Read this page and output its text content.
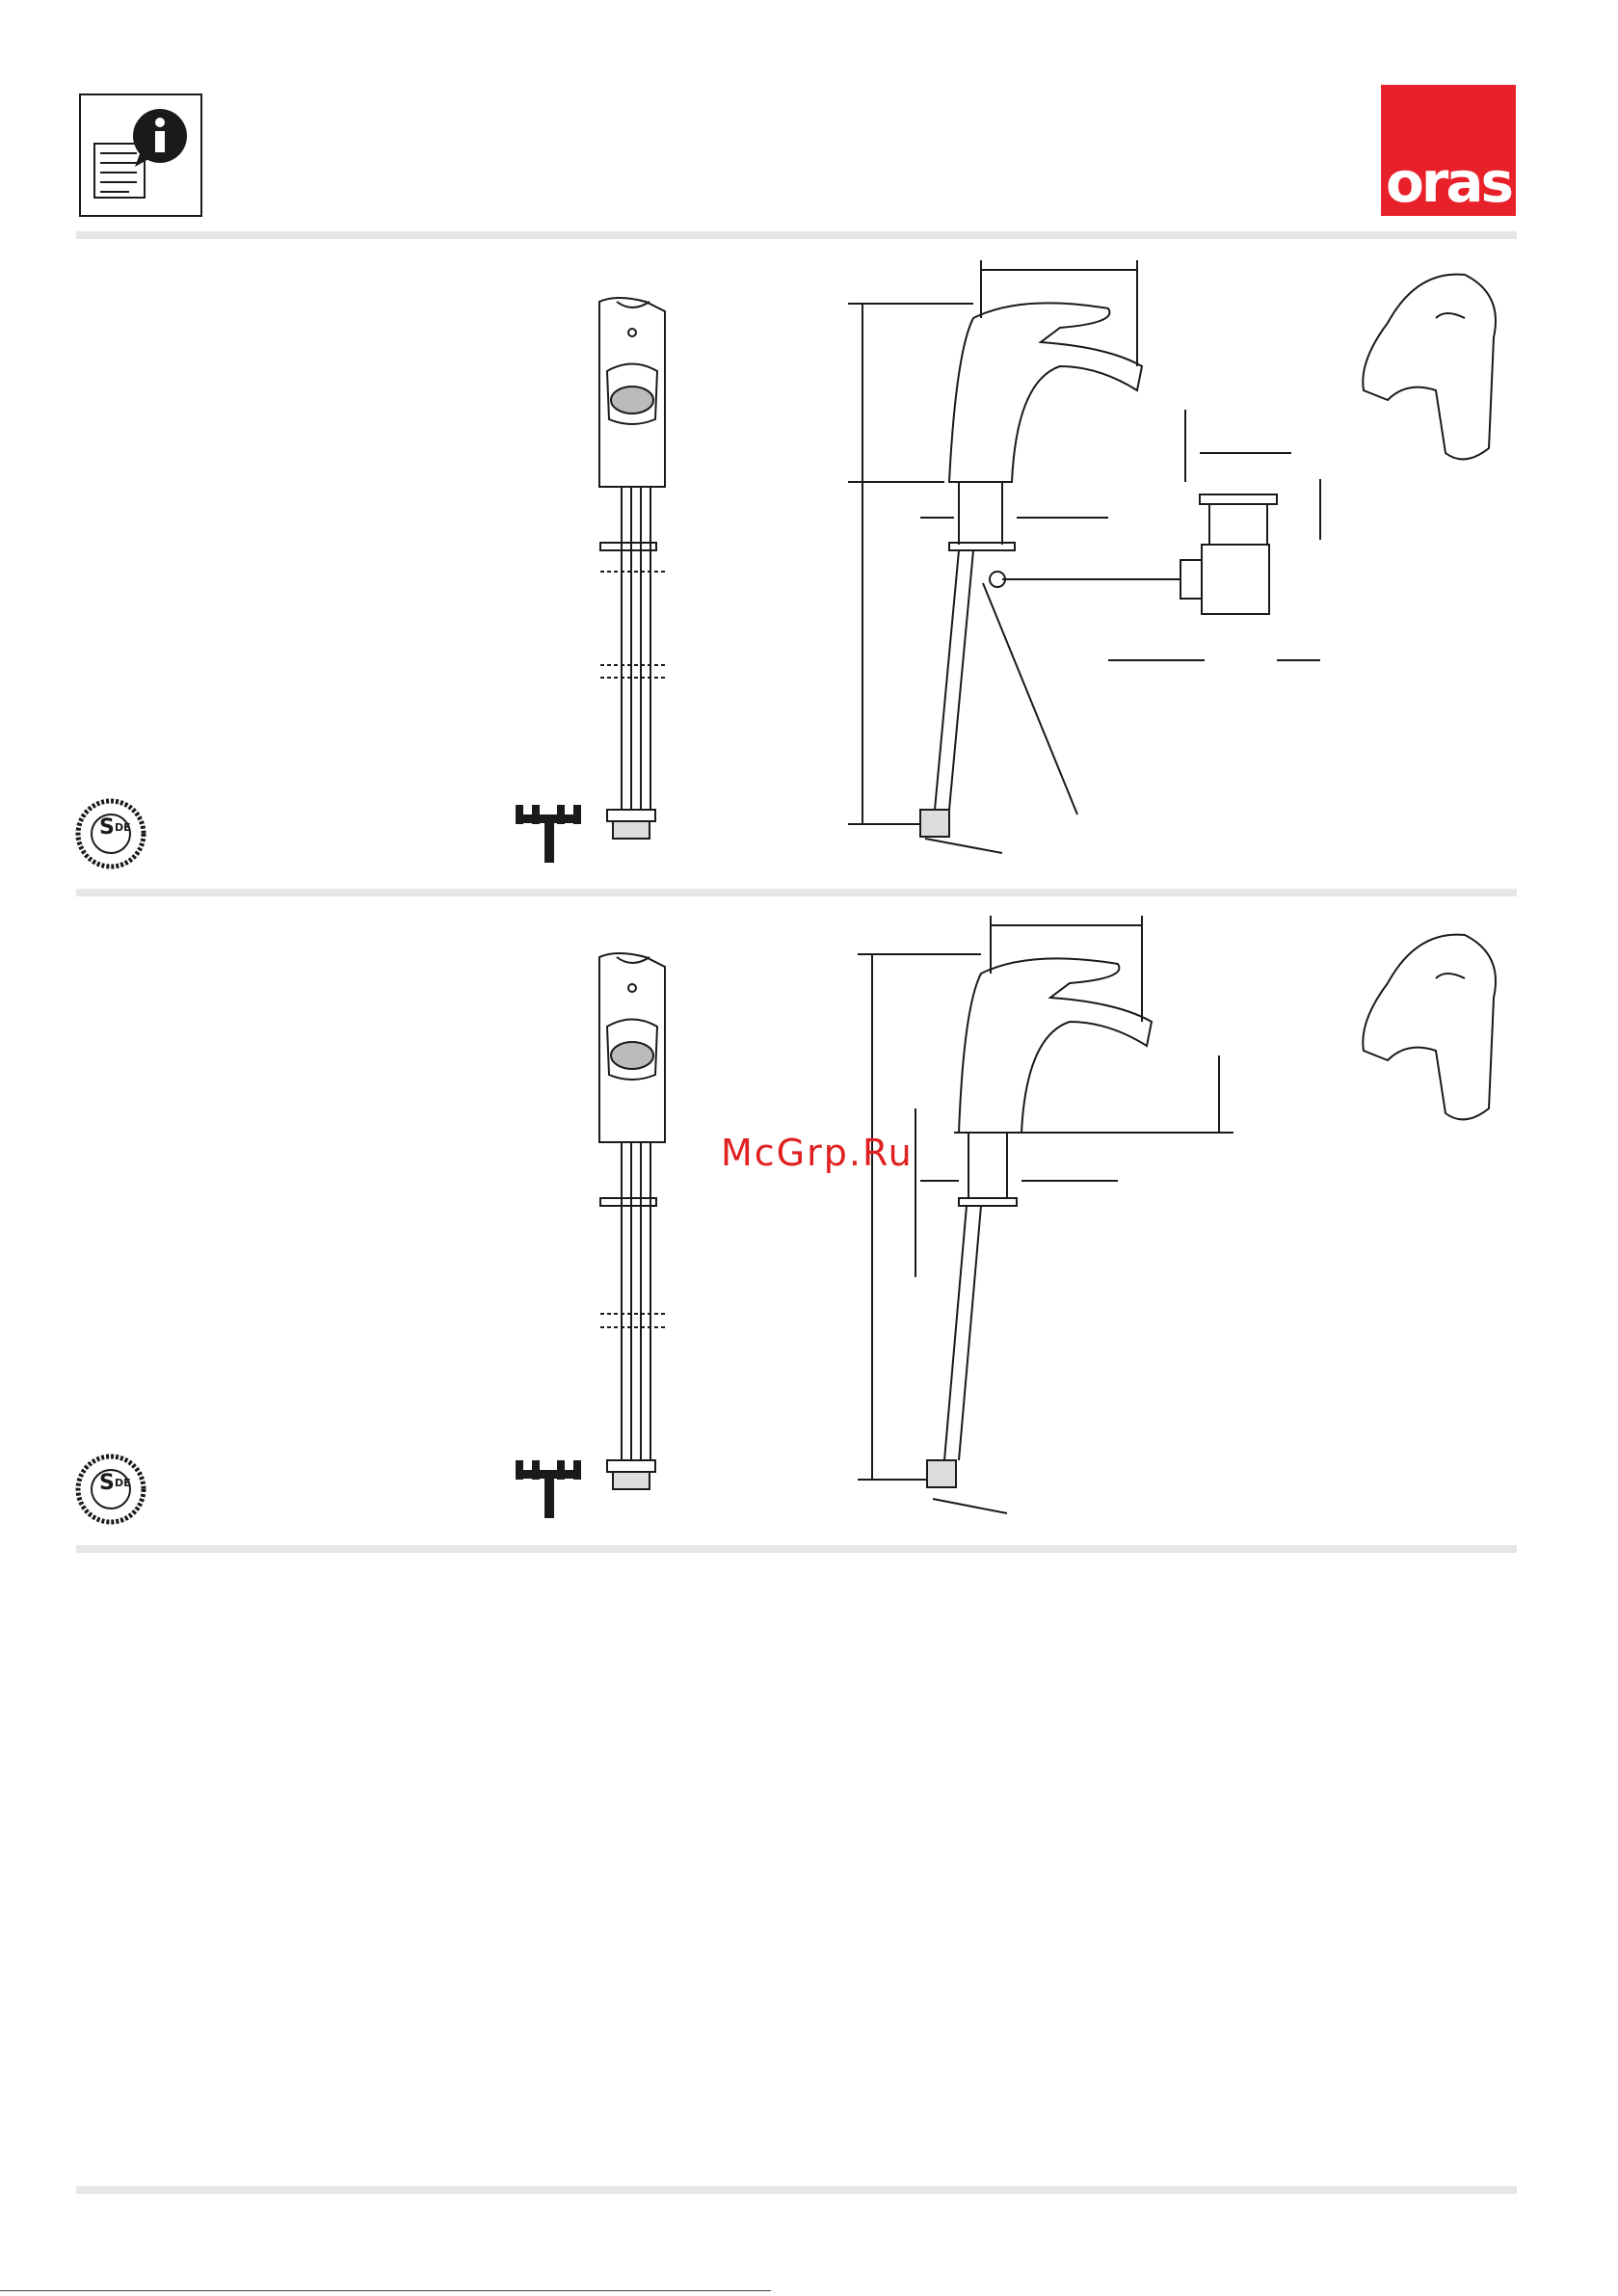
oras
S DE
S DE
McGrp.Ru
